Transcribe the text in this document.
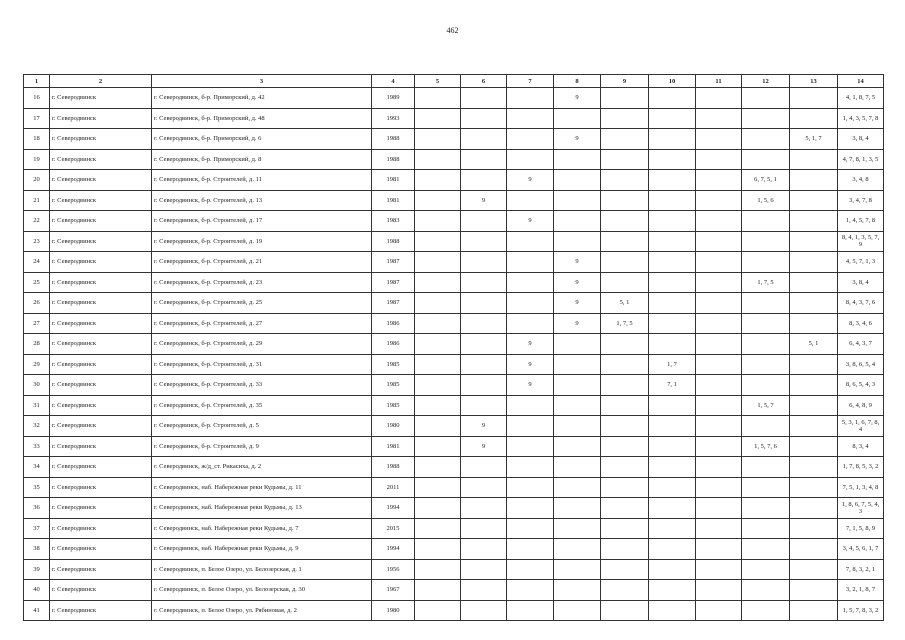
462
1	2	3	4	5	6	7	8	9	10	11	12	13	14
16	г. Северодвинск	г. Северодвинск, б-р. Приморский, д. 42	1989				9						4, 1, 8, 7, 5
17	г. Северодвинск	г. Северодвинск, б-р. Приморский, д. 48	1993										1, 4, 3, 5, 7, 8
18	г. Северодвинск	г. Северодвинск, б-р. Приморский, д. 6	1988				9					5, 1, 7	3, 8, 4
19	г. Северодвинск	г. Северодвинск, б-р. Приморский, д. 8	1988										4, 7, 8, 1, 3, 5
20	г. Северодвинск	г. Северодвинск, б-р. Строителей, д. 11	1981			9					6, 7, 5, 1		3, 4, 8
21	г. Северодвинск	г. Северодвинск, б-р. Строителей, д. 13	1981		9						1, 5, 6		3, 4, 7, 8
22	г. Северодвинск	г. Северодвинск, б-р. Строителей, д. 17	1983			9							1, 4, 5, 7, 8
23	г. Северодвинск	г. Северодвинск, б-р. Строителей, д. 19	1988										8, 4, 1, 3, 5, 7, 9
24	г. Северодвинск	г. Северодвинск, б-р. Строителей, д. 21	1987				9						4, 5, 7, 1, 3
25	г. Северодвинск	г. Северодвинск, б-р. Строителей, д. 23	1987				9				1, 7, 5		3, 8, 4
26	г. Северодвинск	г. Северодвинск, б-р. Строителей, д. 25	1987				9	5, 1					8, 4, 3, 7, 6
27	г. Северодвинск	г. Северодвинск, б-р. Строителей, д. 27	1986				9	1, 7, 5					8, 3, 4, 6
28	г. Северодвинск	г. Северодвинск, б-р. Строителей, д. 29	1986			9						5, 1	6, 4, 3, 7
29	г. Северодвинск	г. Северодвинск, б-р. Строителей, д. 31	1985			9			1, 7				3, 8, 6, 5, 4
30	г. Северодвинск	г. Северодвинск, б-р. Строителей, д. 33	1985			9			7, 1				8, 6, 5, 4, 3
31	г. Северодвинск	г. Северодвинск, б-р. Строителей, д. 35	1985								1, 5, 7		6, 4, 8, 9
32	г. Северодвинск	г. Северодвинск, б-р. Строителей, д. 5	1980		9								5, 3, 1, 6, 7, 8, 4
33	г. Северодвинск	г. Северодвинск, б-р. Строителей, д. 9	1981		9						1, 5, 7, 6		8, 3, 4
34	г. Северодвинск	г. Северодвинск, ж/д_ст. Рикасиха, д. 2	1988										1, 7, 8, 5, 3, 2
35	г. Северодвинск	г. Северодвинск, наб. Набережная реки Кудьмы, д. 11	2011										7, 5, 1, 3, 4, 8
36	г. Северодвинск	г. Северодвинск, наб. Набережная реки Кудьмы, д. 13	1994										1, 8, 6, 7, 5, 4, 3
37	г. Северодвинск	г. Северодвинск, наб. Набережная реки Кудьмы, д. 7	2015										7, 1, 5, 8, 9
38	г. Северодвинск	г. Северодвинск, наб. Набережная реки Кудьмы, д. 9	1994										3, 4, 5, 6, 1, 7
39	г. Северодвинск	г. Северодвинск, п. Белое Озеро, ул. Белозерская, д. 1	1956										7, 8, 3, 2, 1
40	г. Северодвинск	г. Северодвинск, п. Белое Озеро, ул. Белозерская, д. 30	1967										3, 2, 1, 8, 7
41	г. Северодвинск	г. Северодвинск, п. Белое Озеро, ул. Рябиновая, д. 2	1980										1, 5, 7, 8, 3, 2
